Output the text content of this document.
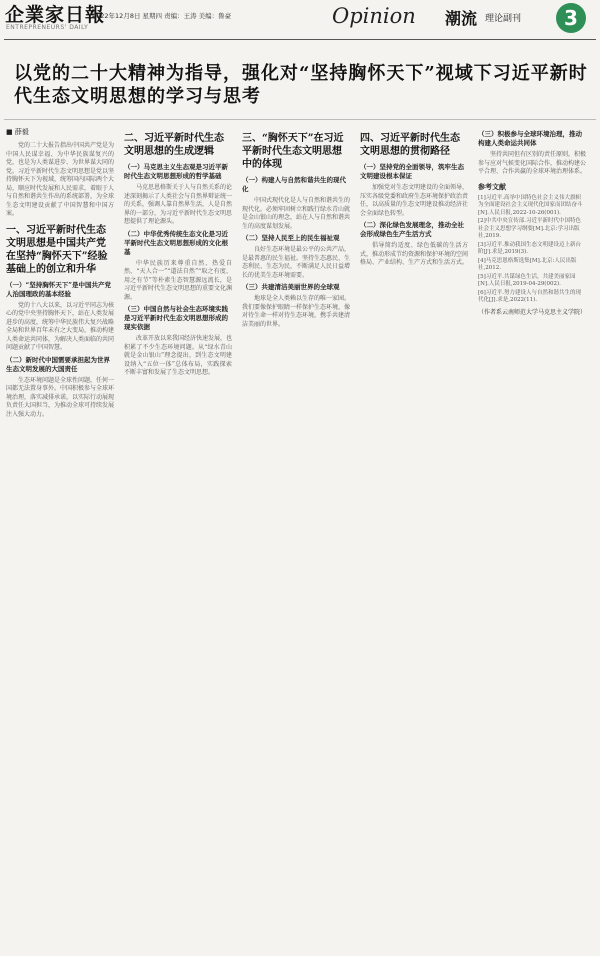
企業家日報
ENTREPRENEURS' DAILY
2022年12月8日 星期四 责编：王涛 美编：鲁豪	Opinion 潮流 理论副刊	3
以党的二十大精神为指导，强化对“坚持胸怀天下”视域下习近平新时代生态文明思想的学习与思考
■ 薛毅

党的二十大报告指出中国共产党是为中国人民谋幸福、为中华民族谋复兴的党，也是为人类谋进步、为世界谋大同的党。习近平新时代生态文明思想是党以坚持胸怀天下为视域，统筹国内国际两个大局，顺应时代发展和人民需求，着眼于人与自然和谐共生作出的系统部署，为全球生态文明建设贡献了中国智慧和中国方案。

一、习近平新时代生态文明思想是中国共产党在坚持“胸怀天下”经验基础上的创立和升华
（一）“坚持胸怀天下”是中国共产党人治国理政的基本经验

党的十八大以来，以习近平同志为核心的党中央坚持胸怀天下，站在人类发展进步的高度，统筹中华民族伟大复兴战略全局和世界百年未有之大变局，推动构建人类命运共同体，为解决人类面临的共同问题贡献了中国智慧。

（二）新时代中国需要承担起为世界生态文明发展的大国责任

生态环境问题是全球性问题，任何一国都无法置身事外。中国积极参与全球环境治理，落实减排承诺，以实际行动展现负责任大国担当，为推动全球可持续发展注入强大动力。

二、习近平新时代生态文明思想的生成逻辑
（一）马克思主义生态观是习近平新时代生态文明思想形成的哲学基础

马克思恩格斯关于人与自然关系的论述深刻揭示了人类社会与自然界辩证统一的关系，强调人靠自然界生活，人是自然界的一部分，为习近平新时代生态文明思想提供了理论源头。

（二）中华优秀传统生态文化是习近平新时代生态文明思想形成的文化根基

中华民族历来尊重自然、热爱自然，“天人合一”“道法自然”“取之有度、用之有节”等朴素生态智慧源远流长，是习近平新时代生态文明思想的重要文化渊源。

（三）中国自然与社会生态环境实践是习近平新时代生态文明思想形成的现实依据

改革开放以来我国经济快速发展，也积累了不少生态环境问题。从“绿水青山就是金山银山”理念提出，到生态文明建设纳入“五位一体”总体布局，实践探索不断丰富和发展了生态文明思想。

三、“胸怀天下”在习近平新时代生态文明思想中的体现
（一）构建人与自然和谐共生的现代化

中国式现代化是人与自然和谐共生的现代化。必须牢固树立和践行绿水青山就是金山银山的理念，站在人与自然和谐共生的高度谋划发展。

（二）坚持人民至上的民生福祉观

良好生态环境是最公平的公共产品，是最普惠的民生福祉。坚持生态惠民、生态利民、生态为民，不断满足人民日益增长的优美生态环境需要。

（三）共建清洁美丽世界的全球观

地球是全人类赖以生存的唯一家园。我们要像保护眼睛一样保护生态环境，像对待生命一样对待生态环境，携手共建清洁美丽的世界。

四、习近平新时代生态文明思想的贯彻路径
（一）坚持党的全面领导，筑牢生态文明建设根本保证

加强党对生态文明建设的全面领导，压实各级党委和政府生态环境保护政治责任，以高质量的生态文明建设推动经济社会全面绿色转型。

（二）深化绿色发展理念，推动全社会形成绿色生产生活方式

倡导简约适度、绿色低碳的生活方式，推动形成节约资源和保护环境的空间格局、产业结构、生产方式和生活方式。

（三）积极参与全球环境治理，推动构建人类命运共同体

坚持共同但有区别的责任原则，积极参与应对气候变化国际合作，推动构建公平合理、合作共赢的全球环境治理体系。

参考文献
[1]习近平.高举中国特色社会主义伟大旗帜 为全面建设社会主义现代化国家而团结奋斗[N].人民日报,2022-10-26(001).
[2]中共中央宣传部.习近平新时代中国特色社会主义思想学习纲要[M].北京:学习出版社,2019.
[3]习近平.推动我国生态文明建设迈上新台阶[J].求是,2019(3).
[4]马克思恩格斯选集[M].北京:人民出版社,2012.
[5]习近平.共谋绿色生活，共建美丽家园[N].人民日报,2019-04-29(002).
[6]习近平.努力建设人与自然和谐共生的现代化[J].求是,2022(11).
（作者系云南师范大学马克思主义学院）
